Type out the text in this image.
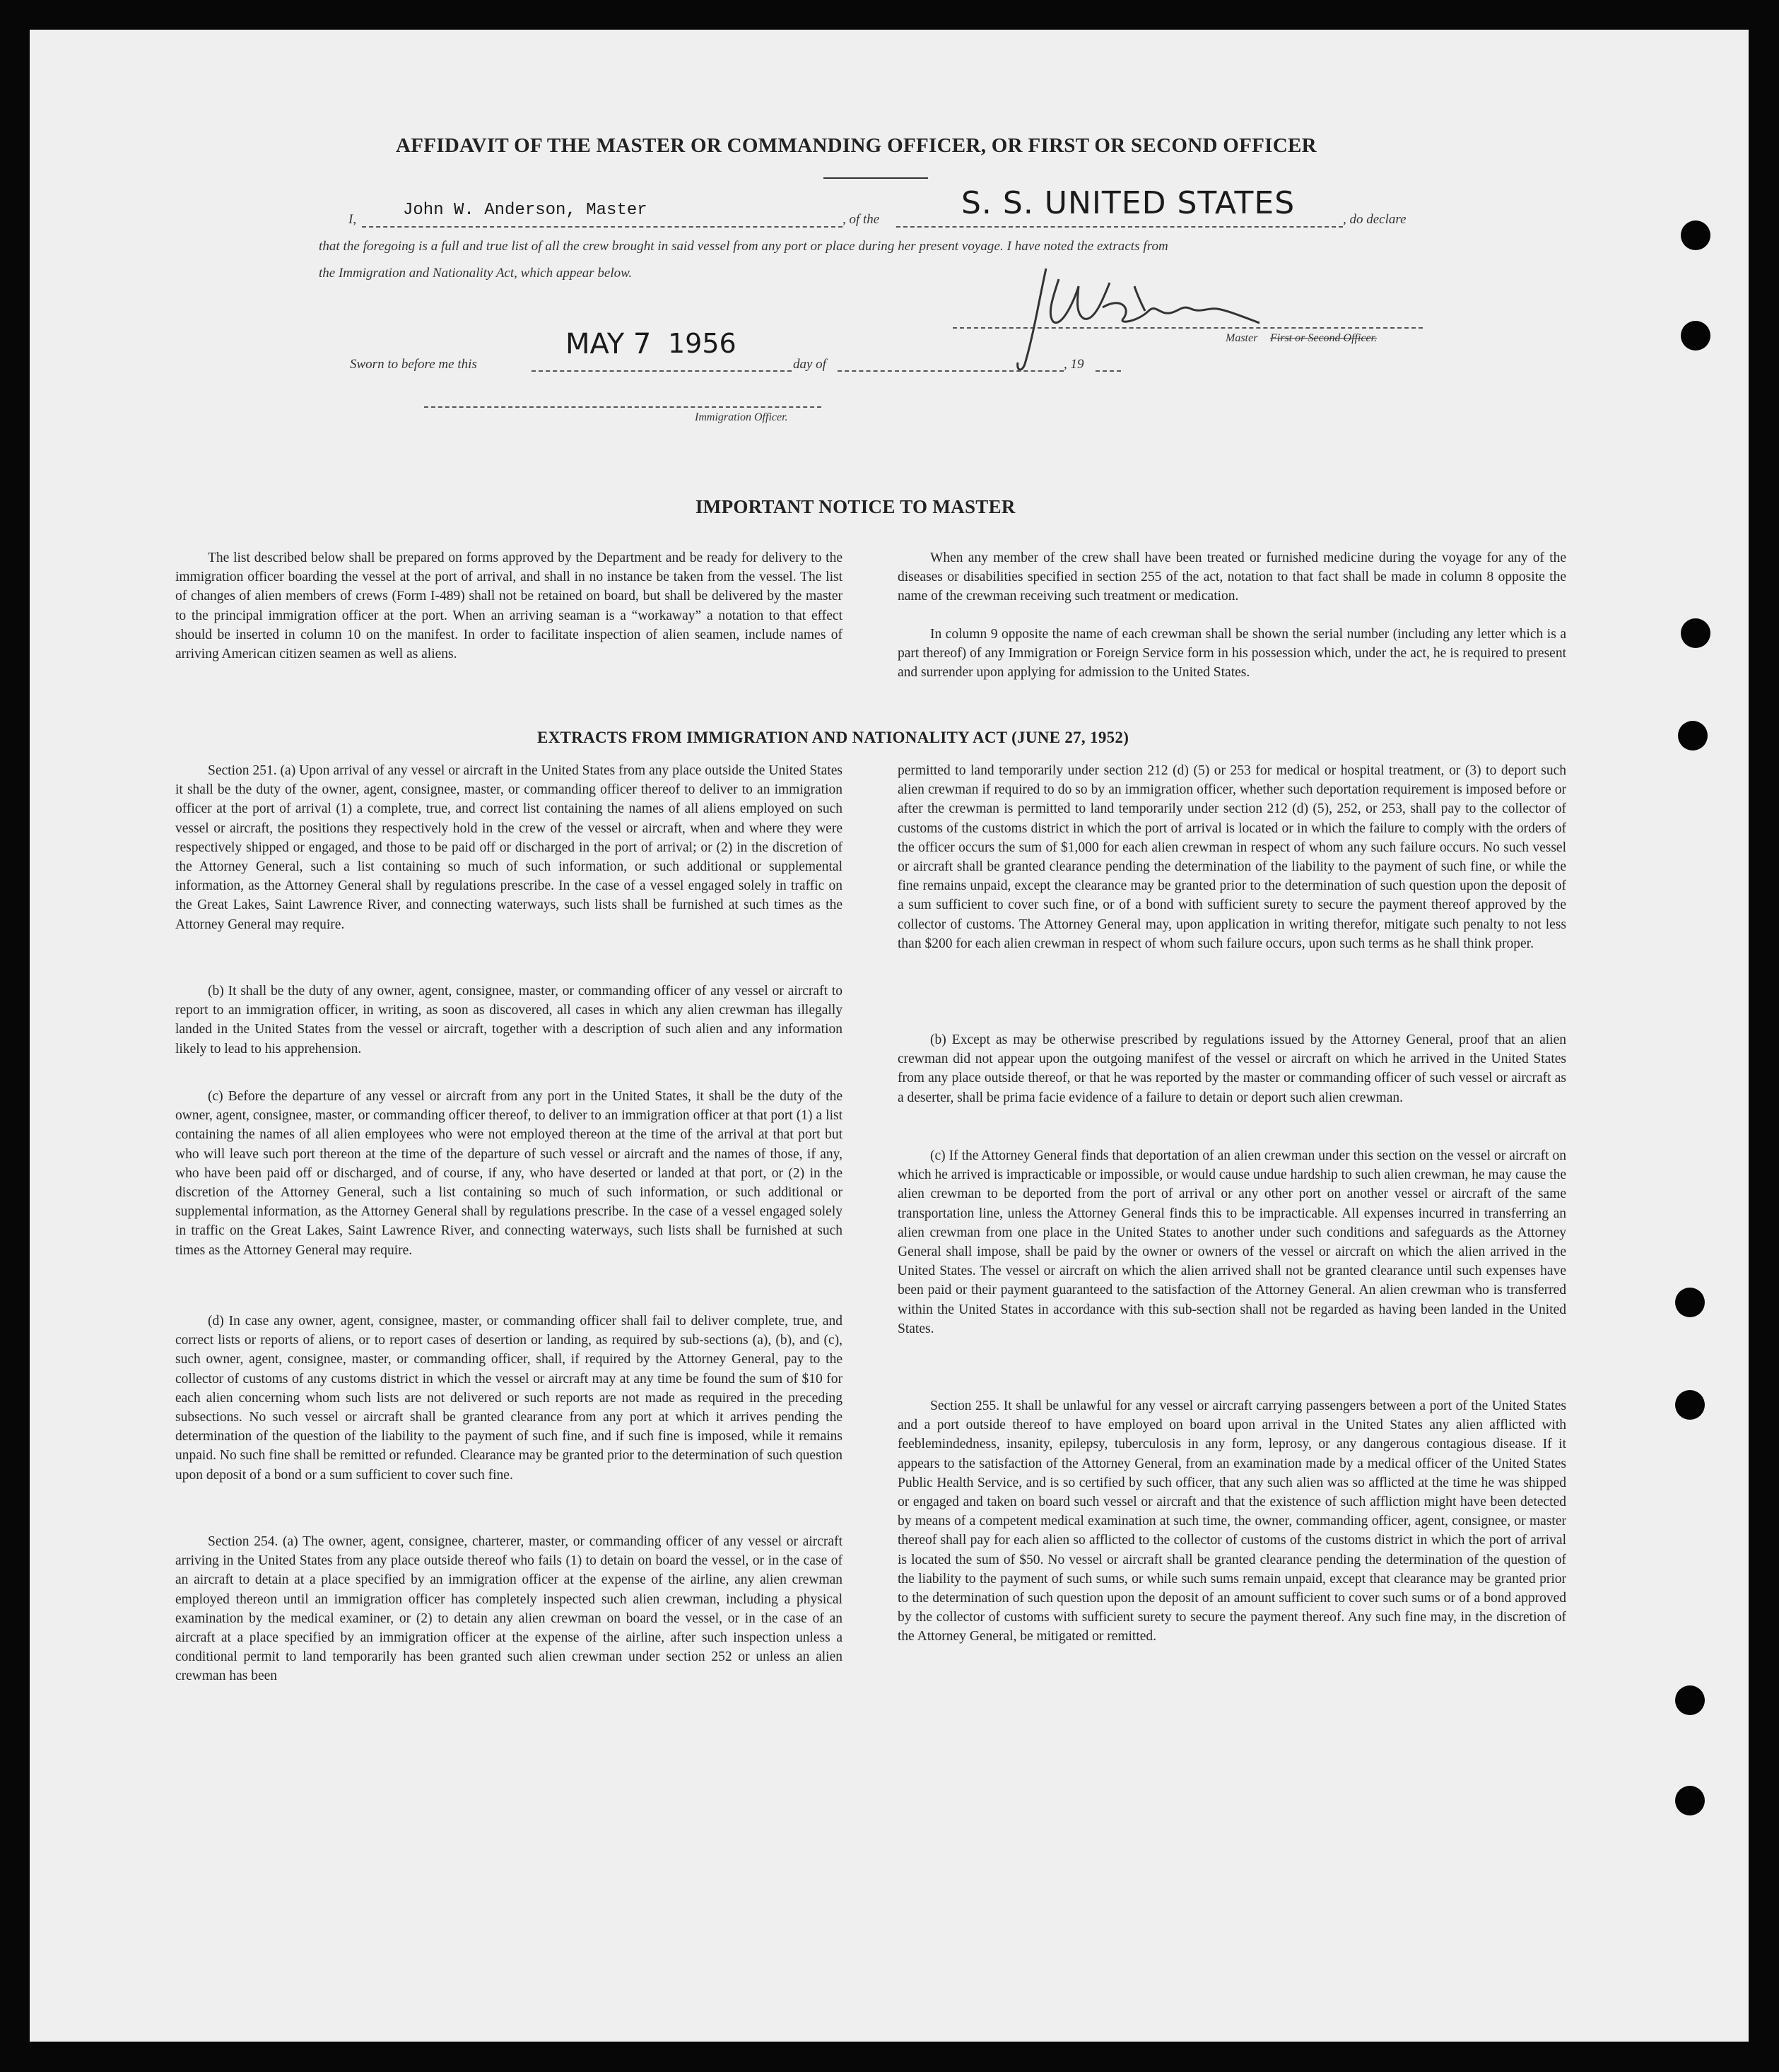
AFFIDAVIT OF THE MASTER OR COMMANDING OFFICER, OR FIRST OR SECOND OFFICER
I,	John W. Anderson, Master	, of the	S. S. UNITED STATES	, do declare
that the foregoing is a full and true list of all the crew brought in said vessel from any port or place during her present voyage. I have noted the extracts from
the Immigration and Nationality Act, which appear below.
Master First or Second Officer.
Sworn to before me this
MAY 7 1956
day of	, 19
Immigration Officer.
IMPORTANT NOTICE TO MASTER

The list described below shall be prepared on forms approved by the Department and be ready for delivery to the immigration officer boarding the vessel at the port of arrival, and shall in no instance be taken from the vessel. The list of changes of alien members of crews (Form I-489) shall not be retained on board, but shall be delivered by the master to the principal immigration officer at the port. When an arriving seaman is a “workaway” a notation to that effect should be inserted in column 10 on the manifest. In order to facilitate inspection of alien seamen, include names of arriving American citizen seamen as well as aliens.

When any member of the crew shall have been treated or furnished medicine during the voyage for any of the diseases or disabilities specified in section 255 of the act, notation to that fact shall be made in column 8 opposite the name of the crewman receiving such treatment or medication.

In column 9 opposite the name of each crewman shall be shown the serial number (including any letter which is a part thereof) of any Immigration or Foreign Service form in his possession which, under the act, he is required to present and surrender upon applying for admission to the United States.

EXTRACTS FROM IMMIGRATION AND NATIONALITY ACT (JUNE 27, 1952)

Section 251. (a) Upon arrival of any vessel or aircraft in the United States from any place outside the United States it shall be the duty of the owner, agent, consignee, master, or commanding officer thereof to deliver to an immigration officer at the port of arrival (1) a complete, true, and correct list containing the names of all aliens employed on such vessel or aircraft, the positions they respectively hold in the crew of the vessel or aircraft, when and where they were respectively shipped or engaged, and those to be paid off or discharged in the port of arrival; or (2) in the discretion of the Attorney General, such a list containing so much of such information, or such additional or supplemental information, as the Attorney General shall by regulations prescribe. In the case of a vessel engaged solely in traffic on the Great Lakes, Saint Lawrence River, and connecting waterways, such lists shall be furnished at such times as the Attorney General may require.

(b) It shall be the duty of any owner, agent, consignee, master, or commanding officer of any vessel or aircraft to report to an immigration officer, in writing, as soon as discovered, all cases in which any alien crewman has illegally landed in the United States from the vessel or aircraft, together with a description of such alien and any information likely to lead to his apprehension.

(c) Before the departure of any vessel or aircraft from any port in the United States, it shall be the duty of the owner, agent, consignee, master, or commanding officer thereof, to deliver to an immigration officer at that port (1) a list containing the names of all alien employees who were not employed thereon at the time of the arrival at that port but who will leave such port thereon at the time of the departure of such vessel or aircraft and the names of those, if any, who have been paid off or discharged, and of course, if any, who have deserted or landed at that port, or (2) in the discretion of the Attorney General, such a list containing so much of such information, or such additional or supplemental information, as the Attorney General shall by regulations prescribe. In the case of a vessel engaged solely in traffic on the Great Lakes, Saint Lawrence River, and connecting waterways, such lists shall be furnished at such times as the Attorney General may require.

(d) In case any owner, agent, consignee, master, or commanding officer shall fail to deliver complete, true, and correct lists or reports of aliens, or to report cases of desertion or landing, as required by sub-sections (a), (b), and (c), such owner, agent, consignee, master, or commanding officer, shall, if required by the Attorney General, pay to the collector of customs of any customs district in which the vessel or aircraft may at any time be found the sum of $10 for each alien concerning whom such lists are not delivered or such reports are not made as required in the preceding subsections. No such vessel or aircraft shall be granted clearance from any port at which it arrives pending the determination of the question of the liability to the payment of such fine, and if such fine is imposed, while it remains unpaid. No such fine shall be remitted or refunded. Clearance may be granted prior to the determination of such question upon deposit of a bond or a sum sufficient to cover such fine.

Section 254. (a) The owner, agent, consignee, charterer, master, or commanding officer of any vessel or aircraft arriving in the United States from any place outside thereof who fails (1) to detain on board the vessel, or in the case of an aircraft to detain at a place specified by an immigration officer at the expense of the airline, any alien crewman employed thereon until an immigration officer has completely inspected such alien crewman, including a physical examination by the medical examiner, or (2) to detain any alien crewman on board the vessel, or in the case of an aircraft at a place specified by an immigration officer at the expense of the airline, after such inspection unless a conditional permit to land temporarily has been granted such alien crewman under section 252 or unless an alien crewman has been

permitted to land temporarily under section 212 (d) (5) or 253 for medical or hospital treatment, or (3) to deport such alien crewman if required to do so by an immigration officer, whether such deportation requirement is imposed before or after the crewman is permitted to land temporarily under section 212 (d) (5), 252, or 253, shall pay to the collector of customs of the customs district in which the port of arrival is located or in which the failure to comply with the orders of the officer occurs the sum of $1,000 for each alien crewman in respect of whom any such failure occurs. No such vessel or aircraft shall be granted clearance pending the determination of the liability to the payment of such fine, or while the fine remains unpaid, except the clearance may be granted prior to the determination of such question upon the deposit of a sum sufficient to cover such fine, or of a bond with sufficient surety to secure the payment thereof approved by the collector of customs. The Attorney General may, upon application in writing therefor, mitigate such penalty to not less than $200 for each alien crewman in respect of whom such failure occurs, upon such terms as he shall think proper.

(b) Except as may be otherwise prescribed by regulations issued by the Attorney General, proof that an alien crewman did not appear upon the outgoing manifest of the vessel or aircraft on which he arrived in the United States from any place outside thereof, or that he was reported by the master or commanding officer of such vessel or aircraft as a deserter, shall be prima facie evidence of a failure to detain or deport such alien crewman.

(c) If the Attorney General finds that deportation of an alien crewman under this section on the vessel or aircraft on which he arrived is impracticable or impossible, or would cause undue hardship to such alien crewman, he may cause the alien crewman to be deported from the port of arrival or any other port on another vessel or aircraft of the same transportation line, unless the Attorney General finds this to be impracticable. All expenses incurred in transferring an alien crewman from one place in the United States to another under such conditions and safeguards as the Attorney General shall impose, shall be paid by the owner or owners of the vessel or aircraft on which the alien arrived in the United States. The vessel or aircraft on which the alien arrived shall not be granted clearance until such expenses have been paid or their payment guaranteed to the satisfaction of the Attorney General. An alien crewman who is transferred within the United States in accordance with this sub-section shall not be regarded as having been landed in the United States.

Section 255. It shall be unlawful for any vessel or aircraft carrying passengers between a port of the United States and a port outside thereof to have employed on board upon arrival in the United States any alien afflicted with feeblemindedness, insanity, epilepsy, tuberculosis in any form, leprosy, or any dangerous contagious disease. If it appears to the satisfaction of the Attorney General, from an examination made by a medical officer of the United States Public Health Service, and is so certified by such officer, that any such alien was so afflicted at the time he was shipped or engaged and taken on board such vessel or aircraft and that the existence of such affliction might have been detected by means of a competent medical examination at such time, the owner, commanding officer, agent, consignee, or master thereof shall pay for each alien so afflicted to the collector of customs of the customs district in which the port of arrival is located the sum of $50. No vessel or aircraft shall be granted clearance pending the determination of the question of the liability to the payment of such sums, or while such sums remain unpaid, except that clearance may be granted prior to the determination of such question upon the deposit of an amount sufficient to cover such sums or of a bond approved by the collector of customs with sufficient surety to secure the payment thereof. Any such fine may, in the discretion of the Attorney General, be mitigated or remitted.
